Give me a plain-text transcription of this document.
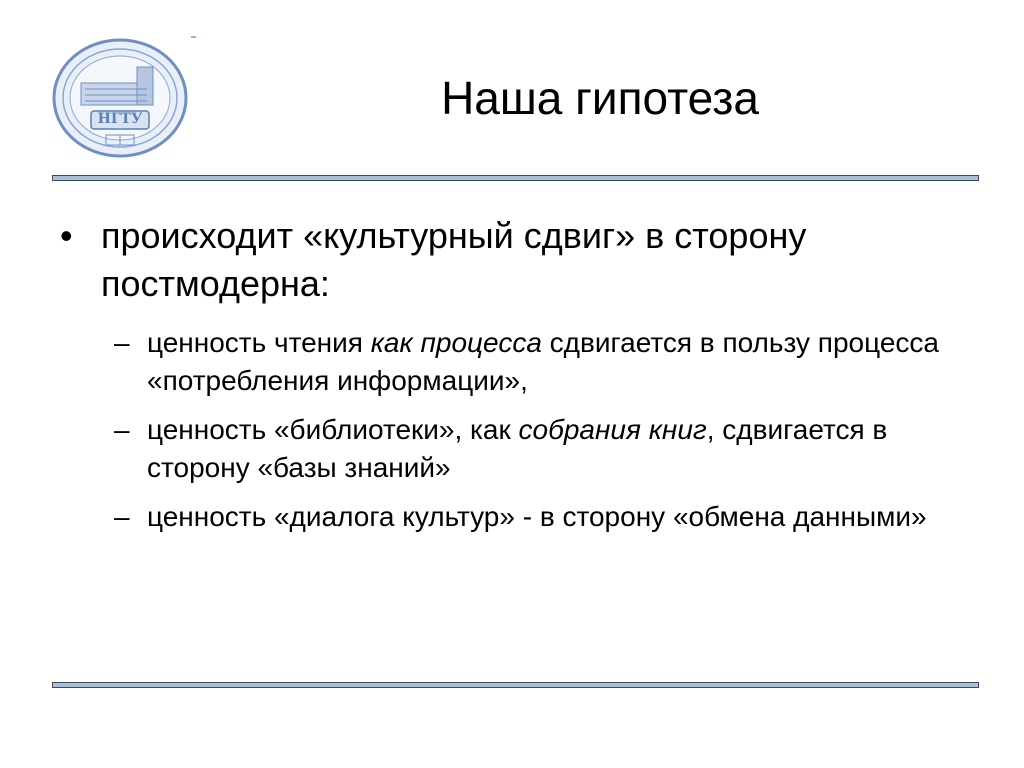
НГТУ	Наша гипотеза
• происходит «культурный сдвиг» в сторону постмодерна:
– ценность чтения как процесса сдвигается в пользу процесса «потребления информации»,
– ценность «библиотеки», как собрания книг, сдвигается в сторону «базы знаний»
– ценность «диалога культур» - в сторону «обмена данными»
